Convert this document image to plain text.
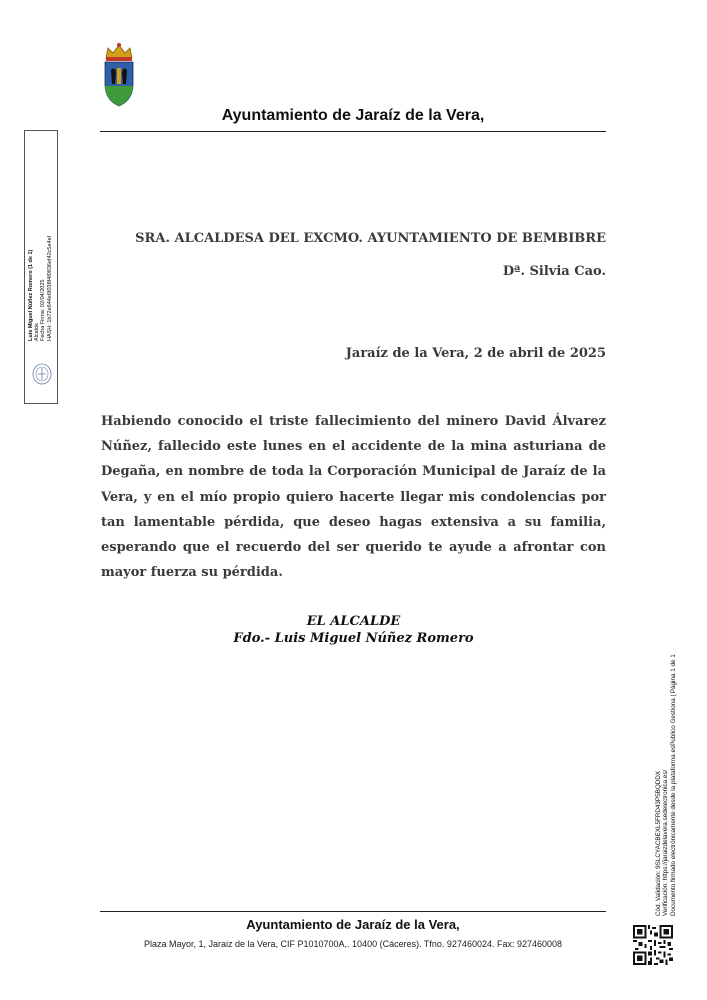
Ayuntamiento de Jaraíz de la Vera,
Luis Miguel Núñez Romero (1 de 1) Alcalde Fecha Firma: 02/04/2025 HASH: 1b72e644e6f038f4f0836ef42c5e4ef	SRA. ALCALDESA DEL EXCMO. AYUNTAMIENTO DE BEMBIBRE
Dª. Silvia Cao.
Jaraíz de la Vera, 2 de abril de 2025
Habiendo conocido el triste fallecimiento del minero David Álvarez Núñez, fallecido este lunes en el accidente de la mina asturiana de Degaña, en nombre de toda la Corporación Municipal de Jaraíz de la Vera, y en el mío propio quiero hacerte llegar mis condolencias por tan lamentable pérdida, que deseo hagas extensiva a su familia, esperando que el recuerdo del ser querido te ayude a afrontar con mayor fuerza su pérdida.
EL ALCALDE
Fdo.- Luis Miguel Núñez Romero
Ayuntamiento de Jaraíz de la Vera,
Plaza Mayor, 1, Jaraiz de la Vera, CIF P1010700A,. 10400 (Cáceres). Tfno. 927460024. Fax: 927460008
Cód. Validación: 9SLCYACBEXL5FRD43P5BQDDX Verificación: https://jaraizdelavera.sedelectronica.es/ Documento firmado electrónicamente desde la plataforma esPublico Gestiona | Página 1 de 1
